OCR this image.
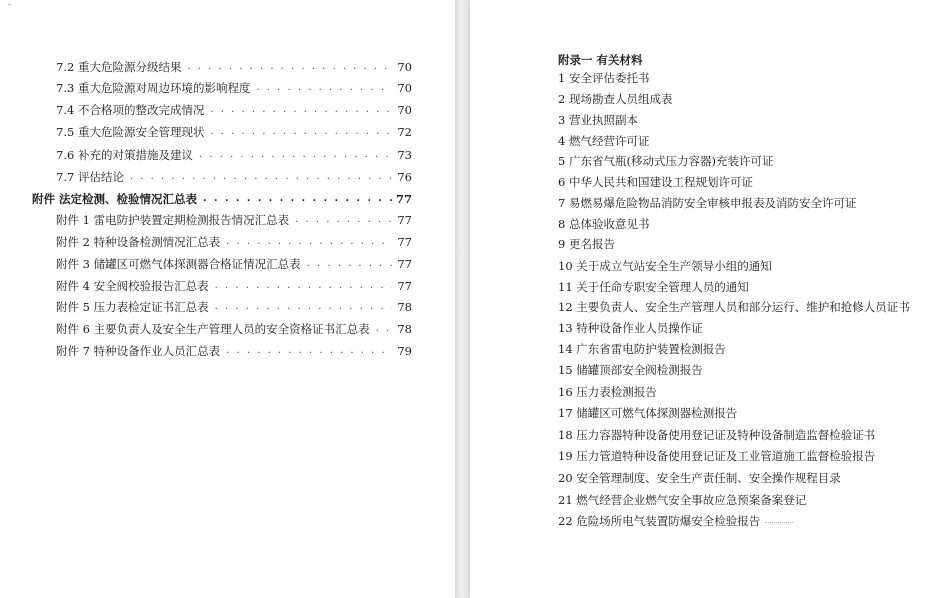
-
7.2 重大危险源分级结果 . . .	70
7.3 重大危险源对周边环境的影响程度 . . .	70
7.4 不合格项的整改完成情况 . . .	70
7.5 重大危险源安全管理现状 . . .	72
7.6 补充的对策措施及建议 . . .	73
7.7 评估结论 . . .	76
附件 法定检测、检验情况汇总表 . . .	77
附件 1 雷电防护装置定期检测报告情况汇总表 . . .	77
附件 2 特种设备检测情况汇总表 . . .	77
附件 3 储罐区可燃气体探测器合格证情况汇总表 . . .	77
附件 4 安全阀校验报告汇总表 . . .	77
附件 5 压力表检定证书汇总表 . . .	78
附件 6 主要负责人及安全生产管理人员的安全资格证书汇总表 . . . 78
附件 7 特种设备作业人员汇总表 . . .	79
附录一 有关材料
1 安全评估委托书
2 现场勘查人员组成表
3 营业执照副本
4 燃气经营许可证
5 广东省气瓶(移动式压力容器)充装许可证
6 中华人民共和国建设工程规划许可证
7 易燃易爆危险物品消防安全审核申报表及消防安全许可证
8 总体验收意见书
9 更名报告
10 关于成立气站安全生产领导小组的通知
11 关于任命专职安全管理人员的通知
12 主要负责人、安全生产管理人员和部分运行、维护和抢修人员证书
13 特种设备作业人员操作证
14 广东省雷电防护装置检测报告
15 储罐顶部安全阀检测报告
16 压力表检测报告
17 储罐区可燃气体探测器检测报告
18 压力容器特种设备使用登记证及特种设备制造监督检验证书
19 压力管道特种设备使用登记证及工业管道施工监督检验报告
20 安全管理制度、安全生产责任制、安全操作规程目录
21 燃气经营企业燃气安全事故应急预案备案登记
22 危险场所电气装置防爆安全检验报告
